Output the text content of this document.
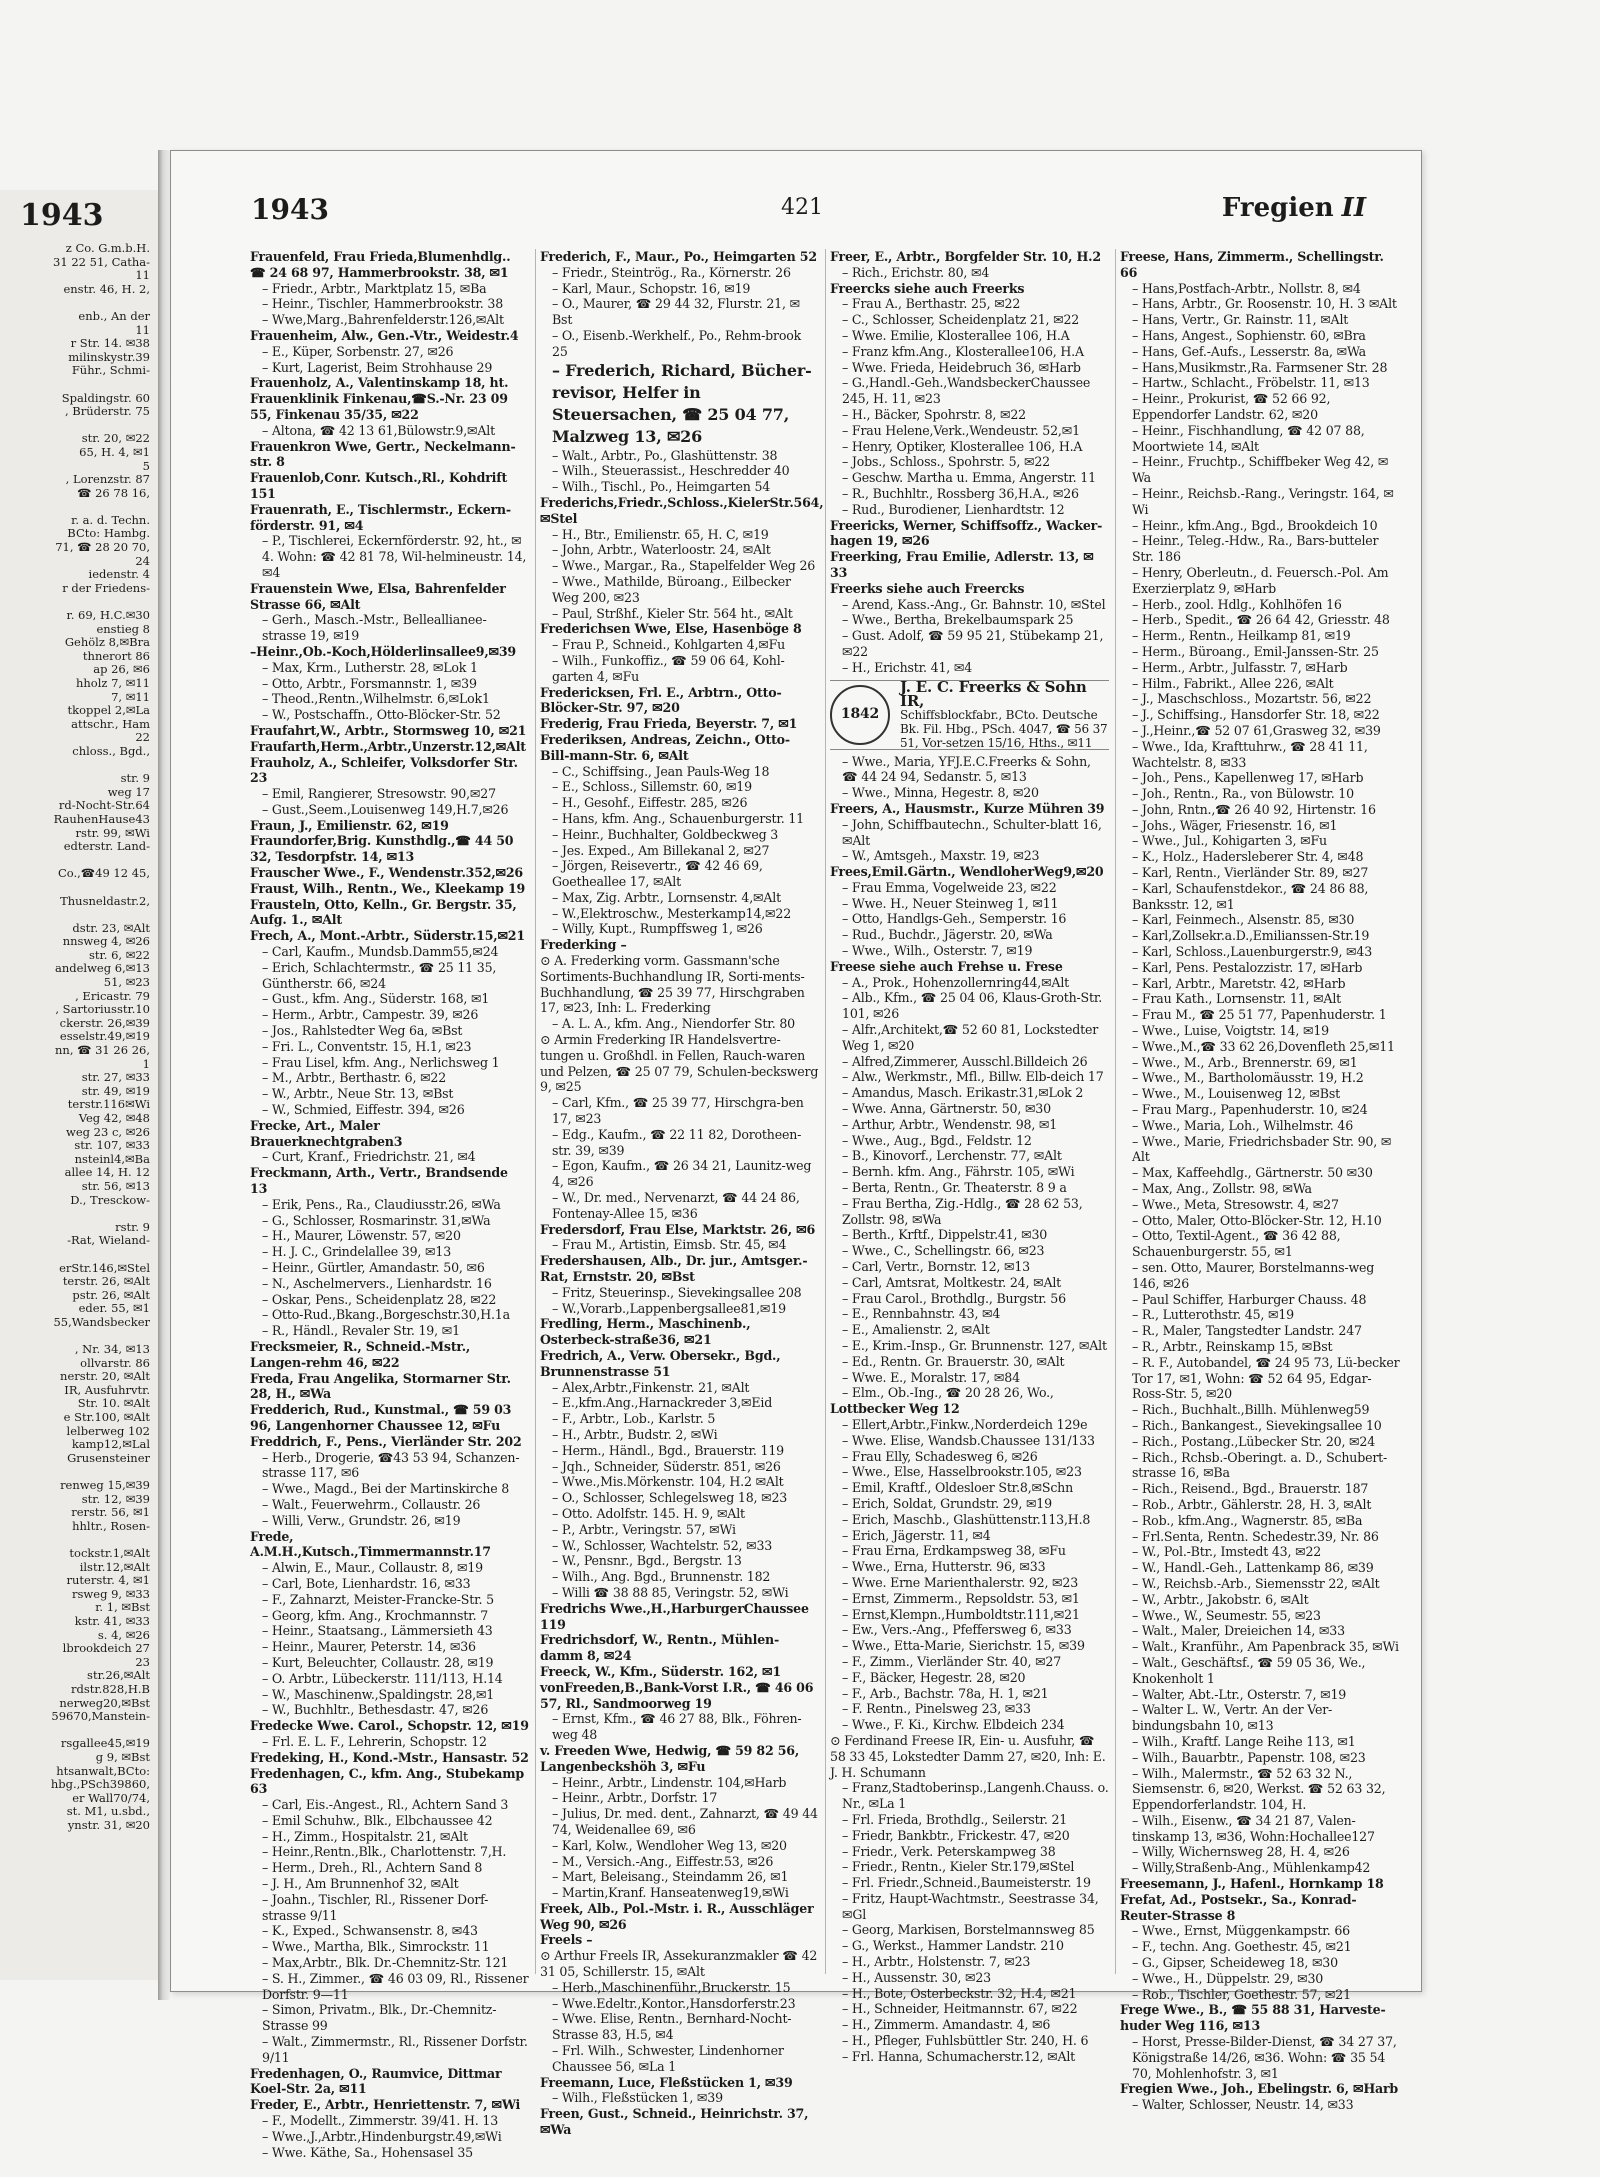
1943
z Co. G.m.b.H.
31 22 51, Catha-
11
enstr. 46, H. 2,

enb., An der
11
r Str. 14. ✉38
milinskystr.39
Führ., Schmi-

Spaldingstr. 60
, Brüderstr. 75

str. 20, ✉22
65, H. 4, ✉1
5
, Lorenzstr. 87
☎ 26 78 16,

r. a. d. Techn.
BCto: Hambg.
71, ☎ 28 20 70,
24
iedenstr. 4
r der Friedens-

r. 69, H.C.✉30
enstieg 8
Gehölz 8,✉Bra
thnerort 86
ap 26, ✉6
hholz 7, ✉11
7, ✉11
tkoppel 2,✉La
attschr., Ham
22
chloss., Bgd.,

str. 9
weg 17
rd-Nocht-Str.64
RauhenHause43
rstr. 99, ✉Wi
edterstr. Land-

Co.,☎49 12 45,

Thusneldastr.2,

dstr. 23, ✉Alt
nnsweg 4, ✉26
str. 6, ✉22
andelweg 6,✉13
51, ✉23
, Ericastr. 79
, Sartoriusstr.10
ckerstr. 26,✉39
esselstr.49,✉19
nn, ☎ 31 26 26,
1
str. 27, ✉33
str. 49, ✉19
terstr.116✉Wi
Veg 42, ✉48
weg 23 c, ✉26
str. 107, ✉33
nsteinl4,✉Ba
allee 14, H. 12
str. 56, ✉13
D., Tresckow-

rstr. 9
-Rat, Wieland-

erStr.146,✉Stel
terstr. 26, ✉Alt
pstr. 26, ✉Alt
eder. 55, ✉1
55,Wandsbecker

, Nr. 34, ✉13
ollvarstr. 86
nerstr. 20, ✉Alt
IR, Ausfuhrvtr.
Str. 10. ✉Alt
e Str.100, ✉Alt
lelberweg 102
kamp12,✉Lal
Grusensteiner

renweg 15,✉39
str. 12, ✉39
rerstr. 56, ✉1
hhltr., Rosen-

tockstr.1,✉Alt
ilstr.12,✉Alt
ruterstr. 4, ✉1
rsweg 9, ✉33
r. 1, ✉Bst
kstr. 41, ✉33
s. 4, ✉26
lbrookdeich 27
23
str.26,✉Alt
rdstr.828,H.B
nerweg20,✉Bst
59670,Manstein-

rsgallee45,✉19
g 9, ✉Bst
htsanwalt,BCto:
hbg.,PSch39860,
er Wall70/74,
st. M1, u.sbd.,
ynstr. 31, ✉20
1943	421	Fregien II
Frauenfeld, Frau Frieda,Blumenhdlg.. ☎ 24 68 97, Hammerbrookstr. 38, ✉1
– Friedr., Arbtr., Marktplatz 15, ✉Ba
– Heinr., Tischler, Hammerbrookstr. 38
– Wwe,Marg.,Bahrenfelderstr.126,✉Alt
Frauenheim, Alw., Gen.-Vtr., Weidestr.4
– E., Küper, Sorbenstr. 27, ✉26
– Kurt, Lagerist, Beim Strohhause 29
Frauenholz, A., Valentinskamp 18, ht.
Frauenklinik Finkenau,☎S.-Nr. 23 09 55, Finkenau 35/35, ✉22
– Altona, ☎ 42 13 61,Bülowstr.9,✉Alt
Frauenkron Wwe, Gertr., Neckelmann-str. 8
Frauenlob,Conr. Kutsch.,Rl., Kohdrift 151
Frauenrath, E., Tischlermstr., Eckern-förderstr. 91, ✉4
– P., Tischlerei, Eckernförderstr. 92, ht., ✉4. Wohn: ☎ 42 81 78, Wil-helmineustr. 14, ✉4
Frauenstein Wwe, Elsa, Bahrenfelder Strasse 66, ✉Alt
– Gerh., Masch.-Mstr., Belleallianee-strasse 19, ✉19
–Heinr.,Ob.-Koch,Hölderlinsallee9,✉39
– Max, Krm., Lutherstr. 28, ✉Lok 1
– Otto, Arbtr., Forsmannstr. 1, ✉39
– Theod.,Rentn.,Wilhelmstr. 6,✉Lok1
– W., Postschaffn., Otto-Blöcker-Str. 52
Fraufahrt,W., Arbtr., Stormsweg 10, ✉21
Fraufarth,Herm.,Arbtr.,Unzerstr.12,✉Alt
Frauholz, A., Schleifer, Volksdorfer Str. 23
– Emil, Rangierer, Stresowstr. 90,✉27
– Gust.,Seem.,Louisenweg 149,H.7,✉26
Fraun, J., Emilienstr. 62, ✉19
Fraundorfer,Brig. Kunsthdlg.,☎ 44 50 32, Tesdorpfstr. 14, ✉13
Frauscher Wwe., F., Wendenstr.352,✉26
Fraust, Wilh., Rentn., We., Kleekamp 19
Frausteln, Otto, Kelln., Gr. Bergstr. 35, Aufg. 1., ✉Alt
Frech, A., Mont.-Arbtr., Süderstr.15,✉21
– Carl, Kaufm., Mundsb.Damm55,✉24
– Erich, Schlachtermstr., ☎ 25 11 35, Güntherstr. 66, ✉24
– Gust., kfm. Ang., Süderstr. 168, ✉1
– Herm., Arbtr., Campestr. 39, ✉26
– Jos., Rahlstedter Weg 6a, ✉Bst
– Fri. L., Conventstr. 15, H.1, ✉23
– Frau Lisel, kfm. Ang., Nerlichsweg 1
– M., Arbtr., Berthastr. 6, ✉22
– W., Arbtr., Neue Str. 13, ✉Bst
– W., Schmied, Eiffestr. 394, ✉26
Frecke, Art., Maler Brauerknechtgraben3
– Curt, Kranf., Friedrichstr. 21, ✉4
Freckmann, Arth., Vertr., Brandsende 13
– Erik, Pens., Ra., Claudiusstr.26, ✉Wa
– G., Schlosser, Rosmarinstr. 31,✉Wa
– H., Maurer, Löwenstr. 57, ✉20
– H. J. C., Grindelallee 39, ✉13
– Heinr., Gürtler, Amandastr. 50, ✉6
– N., Aschelmervers., Lienhardstr. 16
– Oskar, Pens., Scheidenplatz 28, ✉22
– Otto-Rud.,Bkang.,Borgeschstr.30,H.1a
– R., Händl., Revaler Str. 19, ✉1
Frecksmeier, R., Schneid.-Mstr., Langen-rehm 46, ✉22
Freda, Frau Angelika, Stormarner Str. 28, H., ✉Wa
Fredderich, Rud., Kunstmal., ☎ 59 03 96, Langenhorner Chaussee 12, ✉Fu
Freddrich, F., Pens., Vierländer Str. 202
– Herb., Drogerie, ☎43 53 94, Schanzen-strasse 117, ✉6
– Wwe., Magd., Bei der Martinskirche 8
– Walt., Feuerwehrm., Collaustr. 26
– Willi, Verw., Grundstr. 26, ✉19
Frede, A.M.H.,Kutsch.,Timmermannstr.17
– Alwin, E., Maur., Collaustr. 8, ✉19
– Carl, Bote, Lienhardstr. 16, ✉33
– F., Zahnarzt, Meister-Francke-Str. 5
– Georg, kfm. Ang., Krochmannstr. 7
– Heinr., Staatsang., Lämmersieth 43
– Heinr., Maurer, Peterstr. 14, ✉36
– Kurt, Beleuchter, Collaustr. 28, ✉19
– O. Arbtr., Lübeckerstr. 111/113, H.14
– W., Maschinenw.,Spaldingstr. 28,✉1
– W., Buchhltr., Bethesdastr. 47, ✉26
Fredecke Wwe. Carol., Schopstr. 12, ✉19
– Frl. E. L. F., Lehrerin, Schopstr. 12
Fredeking, H., Kond.-Mstr., Hansastr. 52
Fredenhagen, C., kfm. Ang., Stubekamp 63
– Carl, Eis.-Angest., Rl., Achtern Sand 3
– Emil Schuhw., Blk., Elbchaussee 42
– H., Zimm., Hospitalstr. 21, ✉Alt
– Heinr.,Rentn.,Blk., Charlottenstr. 7,H.
– Herm., Dreh., Rl., Achtern Sand 8
– J. H., Am Brunnenhof 32, ✉Alt
– Joahn., Tischler, Rl., Rissener Dorf-strasse 9/11
– K., Exped., Schwansenstr. 8, ✉43
– Wwe., Martha, Blk., Simrockstr. 11
– Max,Arbtr., Blk. Dr.-Chemnitz-Str. 121
– S. H., Zimmer., ☎ 46 03 09, Rl., Rissener Dorfstr. 9—11
– Simon, Privatm., Blk., Dr.-Chemnitz-Strasse 99
– Walt., Zimmermstr., Rl., Rissener Dorfstr. 9/11
Fredenhagen, O., Raumvice, Dittmar Koel-Str. 2a, ✉11
Freder, E., Arbtr., Henriettenstr. 7, ✉Wi
– F., Modellt., Zimmerstr. 39/41. H. 13
– Wwe.,J.,Arbtr.,Hindenburgstr.49,✉Wi
– Wwe. Käthe, Sa., Hohensasel 35
Frederich, F., Maur., Po., Heimgarten 52
– Friedr., Steintrög., Ra., Körnerstr. 26
– Karl, Maur., Schopstr. 16, ✉19
– O., Maurer, ☎ 29 44 32, Flurstr. 21, ✉Bst
– O., Eisenb.-Werkhelf., Po., Rehm-brook 25
– Frederich, Richard, Bücher-revisor, Helfer in Steuersachen, ☎ 25 04 77, Malzweg 13, ✉26
– Walt., Arbtr., Po., Glashüttenstr. 38
– Wilh., Steuerassist., Heschredder 40
– Wilh., Tischl., Po., Heimgarten 54
Frederichs,Friedr.,Schloss.,KielerStr.564, ✉Stel
– H., Btr., Emilienstr. 65, H. C, ✉19
– John, Arbtr., Waterloostr. 24, ✉Alt
– Wwe., Margar., Ra., Stapelfelder Weg 26
– Wwe., Mathilde, Büroang., Eilbecker Weg 200, ✉23
– Paul, Strßhf., Kieler Str. 564 ht., ✉Alt
Frederichsen Wwe, Else, Hasenböge 8
– Frau P., Schneid., Kohlgarten 4,✉Fu
– Wilh., Funkoffiz., ☎ 59 06 64, Kohl-garten 4, ✉Fu
Fredericksen, Frl. E., Arbtrn., Otto-Blöcker-Str. 97, ✉20
Frederig, Frau Frieda, Beyerstr. 7, ✉1
Frederiksen, Andreas, Zeichn., Otto-Bill-mann-Str. 6, ✉Alt
– C., Schiffsing., Jean Pauls-Weg 18
– E., Schloss., Sillemstr. 60, ✉19
– H., Gesohf., Eiffestr. 285, ✉26
– Hans, kfm. Ang., Schauenburgerstr. 11
– Heinr., Buchhalter, Goldbeckweg 3
– Jes. Exped., Am Billekanal 2, ✉27
– Jörgen, Reisevertr., ☎ 42 46 69, Goetheallee 17, ✉Alt
– Max, Zig. Arbtr., Lornsenstr. 4,✉Alt
– W.,Elektroschw., Mesterkamp14,✉22
– Willy, Kupt., Rumpffsweg 1, ✉26
Frederking –
⊙ A. Frederking vorm. Gassmann'sche Sortiments-Buchhandlung IR, Sorti-ments-Buchhandlung, ☎ 25 39 77, Hirschgraben 17, ✉23, Inh: L. Frederking
– A. L. A., kfm. Ang., Niendorfer Str. 80
⊙ Armin Frederking IR Handelsvertre-tungen u. Großhdl. in Fellen, Rauch-waren und Pelzen, ☎ 25 07 79, Schulen-beckswerg 9, ✉25
– Carl, Kfm., ☎ 25 39 77, Hirschgra-ben 17, ✉23
– Edg., Kaufm., ☎ 22 11 82, Dorotheen-str. 39, ✉39
– Egon, Kaufm., ☎ 26 34 21, Launitz-weg 4, ✉26
– W., Dr. med., Nervenarzt, ☎ 44 24 86, Fontenay-Allee 15, ✉36
Fredersdorf, Frau Else, Marktstr. 26, ✉6
– Frau M., Artistin, Eimsb. Str. 45, ✉4
Fredershausen, Alb., Dr. jur., Amtsger.-Rat, Ernststr. 20, ✉Bst
– Fritz, Steuerinsp., Sievekingsallee 208
– W.,Vorarb.,Lappenbergsallee81,✉19
Fredling, Herm., Maschinenb., Osterbeck-straße36, ✉21
Fredrich, A., Verw. Obersekr., Bgd., Brunnenstrasse 51
– Alex,Arbtr.,Finkenstr. 21, ✉Alt
– E.,kfm.Ang.,Harnackreder 3,✉Eid
– F., Arbtr., Lob., Karlstr. 5
– H., Arbtr., Budstr. 2, ✉Wi
– Herm., Händl., Bgd., Brauerstr. 119
– Jqh., Schneider, Süderstr. 851, ✉26
– Wwe.,Mis.Mörkenstr. 104, H.2 ✉Alt
– O., Schlosser, Schlegelsweg 18, ✉23
– Otto. Adolfstr. 145. H. 9, ✉Alt
– P., Arbtr., Veringstr. 57, ✉Wi
– W., Schlosser, Wachtelstr. 52, ✉33
– W., Pensnr., Bgd., Bergstr. 13
– Wilh., Ang. Bgd., Brunnenstr. 182
– Willi ☎ 38 88 85, Veringstr. 52, ✉Wi
Fredrichs Wwe.,H.,HarburgerChaussee 119
Fredrichsdorf, W., Rentn., Mühlen-damm 8, ✉24
Freeck, W., Kfm., Süderstr. 162, ✉1
vonFreeden,B.,Bank-Vorst I.R., ☎ 46 06 57, Rl., Sandmoorweg 19
– Ernst, Kfm., ☎ 46 27 88, Blk., Föhren-weg 48
v. Freeden Wwe, Hedwig, ☎ 59 82 56, Langenbeckshöh 3, ✉Fu
– Heinr., Arbtr., Lindenstr. 104,✉Harb
– Heinr., Arbtr., Dorfstr. 17
– Julius, Dr. med. dent., Zahnarzt, ☎ 49 44 74, Weidenallee 69, ✉6
– Karl, Kolw., Wendloher Weg 13, ✉20
– M., Versich.-Ang., Eiffestr.53, ✉26
– Mart, Beleisang., Steindamm 26, ✉1
– Martin,Kranf. Hanseatenweg19,✉Wi
Freek, Alb., Pol.-Mstr. i. R., Ausschläger Weg 90, ✉26
Freels –
⊙ Arthur Freels IR, Assekuranzmakler ☎ 42 31 05, Schillerstr. 15, ✉Alt
– Herb.,Maschinenführ.,Bruckerstr. 15
– Wwe.Edeltr.,Kontor.,Hansdorferstr.23
– Wwe. Elise, Rentn., Bernhard-Nocht-Strasse 83, H.5, ✉4
– Frl. Wilh., Schwester, Lindenhorner Chaussee 56, ✉La 1
Freemann, Luce, Fleßstücken 1, ✉39
– Wilh., Fleßstücken 1, ✉39
Freen, Gust., Schneid., Heinrichstr. 37, ✉Wa
Freer, E., Arbtr., Borgfelder Str. 10, H.2
– Rich., Erichstr. 80, ✉4
Freercks siehe auch Freerks
– Frau A., Berthastr. 25, ✉22
– C., Schlosser, Scheidenplatz 21, ✉22
– Wwe. Emilie, Klosterallee 106, H.A
– Franz kfm.Ang., Klosterallee106, H.A
– Wwe. Frieda, Heidebruch 36, ✉Harb
– G.,Handl.-Geh.,WandsbeckerChaussee 245, H. 11, ✉23
– H., Bäcker, Spohrstr. 8, ✉22
– Frau Helene,Verk.,Wendeustr. 52,✉1
– Henry, Optiker, Klosterallee 106, H.A
– Jobs., Schloss., Spohrstr. 5, ✉22
– Geschw. Martha u. Emma, Angerstr. 11
– R., Buchhltr., Rossberg 36,H.A., ✉26
– Rud., Burodiener, Lienhardtstr. 12
Freericks, Werner, Schiffsoffz., Wacker-hagen 19, ✉26
Freerking, Frau Emilie, Adlerstr. 13, ✉33
Freerks siehe auch Freercks
– Arend, Kass.-Ang., Gr. Bahnstr. 10, ✉Stel
– Wwe., Bertha, Brekelbaumspark 25
– Gust. Adolf, ☎ 59 95 21, Stübekamp 21, ✉22
– H., Erichstr. 41, ✉4
1842
J. E. C. Freerks & Sohn IR,
Schiffsblockfabr., BCto. Deutsche Bk. Fil. Hbg., PSch. 4047, ☎ 56 37 51, Vor-setzen 15/16, Hths., ✉11
– Wwe., Maria, YFJ.E.C.Freerks & Sohn, ☎ 44 24 94, Sedanstr. 5, ✉13
– Wwe., Minna, Hegestr. 8, ✉20
Freers, A., Hausmstr., Kurze Mühren 39
– John, Schiffbautechn., Schulter-blatt 16, ✉Alt
– W., Amtsgeh., Maxstr. 19, ✉23
Frees,Emil.Gärtn., WendloherWeg9,✉20
– Frau Emma, Vogelweide 23, ✉22
– Wwe. H., Neuer Steinweg 1, ✉11
– Otto, Handlgs-Geh., Semperstr. 16
– Rud., Buchdr., Jägerstr. 20, ✉Wa
– Wwe., Wilh., Osterstr. 7, ✉19
Freese siehe auch Frehse u. Frese
– A., Prok., Hohenzollernring44,✉Alt
– Alb., Kfm., ☎ 25 04 06, Klaus-Groth-Str. 101, ✉26
– Alfr.,Architekt,☎ 52 60 81, Lockstedter Weg 1, ✉20
– Alfred,Zimmerer, Ausschl.Billdeich 26
– Alw., Werkmstr., Mfl., Billw. Elb-deich 17
– Amandus, Masch. Erikastr.31,✉Lok 2
– Wwe. Anna, Gärtnerstr. 50, ✉30
– Arthur, Arbtr., Wendenstr. 98, ✉1
– Wwe., Aug., Bgd., Feldstr. 12
– B., Kinovorf., Lerchenstr. 77, ✉Alt
– Bernh. kfm. Ang., Fährstr. 105, ✉Wi
– Berta, Rentn., Gr. Theaterstr. 8 9 a
– Frau Bertha, Zig.-Hdlg., ☎ 28 62 53, Zollstr. 98, ✉Wa
– Berth., Krftf., Dippelstr.41, ✉30
– Wwe., C., Schellingstr. 66, ✉23
– Carl, Vertr., Bornstr. 12, ✉13
– Carl, Amtsrat, Moltkestr. 24, ✉Alt
– Frau Carol., Brothdlg., Burgstr. 56
– E., Rennbahnstr. 43, ✉4
– E., Amalienstr. 2, ✉Alt
– E., Krim.-Insp., Gr. Brunnenstr. 127, ✉Alt
– Ed., Rentn. Gr. Brauerstr. 30, ✉Alt
– Wwe. E., Moralstr. 17, ✉84
– Elm., Ob.-Ing., ☎ 20 28 26, Wo.,
Lottbecker Weg 12
– Ellert,Arbtr.,Finkw.,Norderdeich 129e
– Wwe. Elise, Wandsb.Chaussee 131/133
– Frau Elly, Schadesweg 6, ✉26
– Wwe., Else, Hasselbrookstr.105, ✉23
– Emil, Kraftf., Oldesloer Str.8,✉Schn
– Erich, Soldat, Grundstr. 29, ✉19
– Erich, Maschb., Glashüttenstr.113,H.8
– Erich, Jägerstr. 11, ✉4
– Frau Erna, Erdkampsweg 38, ✉Fu
– Wwe., Erna, Hutterstr. 96, ✉33
– Wwe. Erne Marienthalerstr. 92, ✉23
– Ernst, Zimmerm., Repsoldstr. 53, ✉1
– Ernst,Klempn.,Humboldtstr.111,✉21
– Ew., Vers.-Ang., Pfeffersweg 6, ✉33
– Wwe., Etta-Marie, Sierichstr. 15, ✉39
– F., Zimm., Vierländer Str. 40, ✉27
– F., Bäcker, Hegestr. 28, ✉20
– F., Arb., Bachstr. 78a, H. 1, ✉21
– F. Rentn., Pinelsweg 23, ✉33
– Wwe., F. Ki., Kirchw. Elbdeich 234
⊙ Ferdinand Freese IR, Ein- u. Ausfuhr, ☎ 58 33 45, Lokstedter Damm 27, ✉20, Inh: E. J. H. Schumann
– Franz,Stadtoberinsp.,Langenh.Chauss. o. Nr., ✉La 1
– Frl. Frieda, Brothdlg., Seilerstr. 21
– Friedr, Bankbtr., Frickestr. 47, ✉20
– Friedr., Verk. Peterskampweg 38
– Friedr., Rentn., Kieler Str.179,✉Stel
– Frl. Friedr.,Schneid.,Baumeisterstr. 19
– Fritz, Haupt-Wachtmstr., Seestrasse 34, ✉Gl
– Georg, Markisen, Borstelmannsweg 85
– G., Werkst., Hammer Landstr. 210
– H., Arbtr., Holstenstr. 7, ✉23
– H., Aussenstr. 30, ✉23
– H., Bote, Osterbeckstr. 32, H.4, ✉21
– H., Schneider, Heitmannstr. 67, ✉22
– H., Zimmerm. Amandastr. 4, ✉6
– H., Pfleger, Fuhlsbüttler Str. 240, H. 6
– Frl. Hanna, Schumacherstr.12, ✉Alt
Freese, Hans, Zimmerm., Schellingstr. 66
– Hans,Postfach-Arbtr., Nollstr. 8, ✉4
– Hans, Arbtr., Gr. Roosenstr. 10, H. 3 ✉Alt
– Hans, Vertr., Gr. Rainstr. 11, ✉Alt
– Hans, Angest., Sophienstr. 60, ✉Bra
– Hans, Gef.-Aufs., Lesserstr. 8a, ✉Wa
– Hans,Musikmstr.,Ra. Farmsener Str. 28
– Hartw., Schlacht., Fröbelstr. 11, ✉13
– Heinr., Prokurist, ☎ 52 66 92, Eppendorfer Landstr. 62, ✉20
– Heinr., Fischhandlung, ☎ 42 07 88, Moortwiete 14, ✉Alt
– Heinr., Fruchtp., Schiffbeker Weg 42, ✉Wa
– Heinr., Reichsb.-Rang., Veringstr. 164, ✉Wi
– Heinr., kfm.Ang., Bgd., Brookdeich 10
– Heinr., Teleg.-Hdw., Ra., Bars-butteler Str. 186
– Henry, Oberleutn., d. Feuersch.-Pol. Am Exerzierplatz 9, ✉Harb
– Herb., zool. Hdlg., Kohlhöfen 16
– Herb., Spedit., ☎ 26 64 42, Griesstr. 48
– Herm., Rentn., Heilkamp 81, ✉19
– Herm., Büroang., Emil-Janssen-Str. 25
– Herm., Arbtr., Julfasstr. 7, ✉Harb
– Hilm., Fabrikt., Allee 226, ✉Alt
– J., Maschschloss., Mozartstr. 56, ✉22
– J., Schiffsing., Hansdorfer Str. 18, ✉22
– J.,Heinr.,☎ 52 07 61,Grasweg 32, ✉39
– Wwe., Ida, Krafttuhrw., ☎ 28 41 11, Wachtelstr. 8, ✉33
– Joh., Pens., Kapellenweg 17, ✉Harb
– Joh., Rentn., Ra., von Bülowstr. 10
– John, Rntn.,☎ 26 40 92, Hirtenstr. 16
– Johs., Wäger, Friesenstr. 16, ✉1
– Wwe., Jul., Kohigarten 3, ✉Fu
– K., Holz., Hadersleberer Str. 4, ✉48
– Karl, Rentn., Vierländer Str. 89, ✉27
– Karl, Schaufenstdekor., ☎ 24 86 88, Banksstr. 12, ✉1
– Karl, Feinmech., Alsenstr. 85, ✉30
– Karl,Zollsekr.a.D.,Emilianssen-Str.19
– Karl, Schloss.,Lauenburgerstr.9, ✉43
– Karl, Pens. Pestalozzistr. 17, ✉Harb
– Karl, Arbtr., Maretstr. 42, ✉Harb
– Frau Kath., Lornsenstr. 11, ✉Alt
– Frau M., ☎ 25 51 77, Papenhuderstr. 1
– Wwe., Luise, Voigtstr. 14, ✉19
– Wwe.,M.,☎ 33 62 26,Dovenfleth 25,✉11
– Wwe., M., Arb., Brennerstr. 69, ✉1
– Wwe., M., Bartholomäusstr. 19, H.2
– Wwe., M., Louisenweg 12, ✉Bst
– Frau Marg., Papenhuderstr. 10, ✉24
– Wwe., Maria, Loh., Wilhelmstr. 46
– Wwe., Marie, Friedrichsbader Str. 90, ✉Alt
– Max, Kaffeehdlg., Gärtnerstr. 50 ✉30
– Max, Ang., Zollstr. 98, ✉Wa
– Wwe., Meta, Stresowstr. 4, ✉27
– Otto, Maler, Otto-Blöcker-Str. 12, H.10
– Otto, Textil-Agent., ☎ 36 42 88, Schauenburgerstr. 55, ✉1
– sen. Otto, Maurer, Borstelmanns-weg 146, ✉26
– Paul Schiffer, Harburger Chauss. 48
– R., Lutterothstr. 45, ✉19
– R., Maler, Tangstedter Landstr. 247
– R., Arbtr., Reinskamp 15, ✉Bst
– R. F., Autobandel, ☎ 24 95 73, Lü-becker Tor 17, ✉1, Wohn: ☎ 52 64 95, Edgar-Ross-Str. 5, ✉20
– Rich., Buchhalt.,Billh. Mühlenweg59
– Rich., Bankangest., Sievekingsallee 10
– Rich., Postang.,Lübecker Str. 20, ✉24
– Rich., Rchsb.-Oberingt. a. D., Schubert-strasse 16, ✉Ba
– Rich., Reisend., Bgd., Brauerstr. 187
– Rob., Arbtr., Gählerstr. 28, H. 3, ✉Alt
– Rob., kfm.Ang., Wagnerstr. 85, ✉Ba
– Frl.Senta, Rentn. Schedestr.39, Nr. 86
– W., Pol.-Btr., Imstedt 43, ✉22
– W., Handl.-Geh., Lattenkamp 86, ✉39
– W., Reichsb.-Arb., Siemensstr 22, ✉Alt
– W., Arbtr., Jakobstr. 6, ✉Alt
– Wwe., W., Seumestr. 55, ✉23
– Walt., Maler, Dreieichen 14, ✉33
– Walt., Kranführ., Am Papenbrack 35, ✉Wi
– Walt., Geschäftsf., ☎ 59 05 36, We., Knokenholt 1
– Walter, Abt.-Ltr., Osterstr. 7, ✉19
– Walter L. W., Vertr. An der Ver-bindungsbahn 10, ✉13
– Wilh., Kraftf. Lange Reihe 113, ✉1
– Wilh., Bauarbtr., Papenstr. 108, ✉23
– Wilh., Malermstr., ☎ 52 63 32 N., Siemsenstr. 6, ✉20, Werkst. ☎ 52 63 32, Eppendorferlandstr. 104, H.
– Wilh., Eisenw., ☎ 34 21 87, Valen-tinskamp 13, ✉36, Wohn:Hochallee127
– Willy, Wichernsweg 28, H. 4, ✉26
– Willy,Straßenb-Ang., Mühlenkamp42
Freesemann, J., Hafenl., Hornkamp 18
Frefat, Ad., Postsekr., Sa., Konrad-Reuter-Strasse 8
– Wwe., Ernst, Müggenkampstr. 66
– F., techn. Ang. Goethestr. 45, ✉21
– G., Gipser, Scheideweg 18, ✉30
– Wwe., H., Düppelstr. 29, ✉30
– Rob., Tischler, Goethestr. 57, ✉21
Frege Wwe., B., ☎ 55 88 31, Harveste-huder Weg 116, ✉13
– Horst, Presse-Bilder-Dienst, ☎ 34 27 37, Königstraße 14/26, ✉36. Wohn: ☎ 35 54 70, Mohlenhofstr. 3, ✉1
Fregien Wwe., Joh., Ebelingstr. 6, ✉Harb
– Walter, Schlosser, Neustr. 14, ✉33
